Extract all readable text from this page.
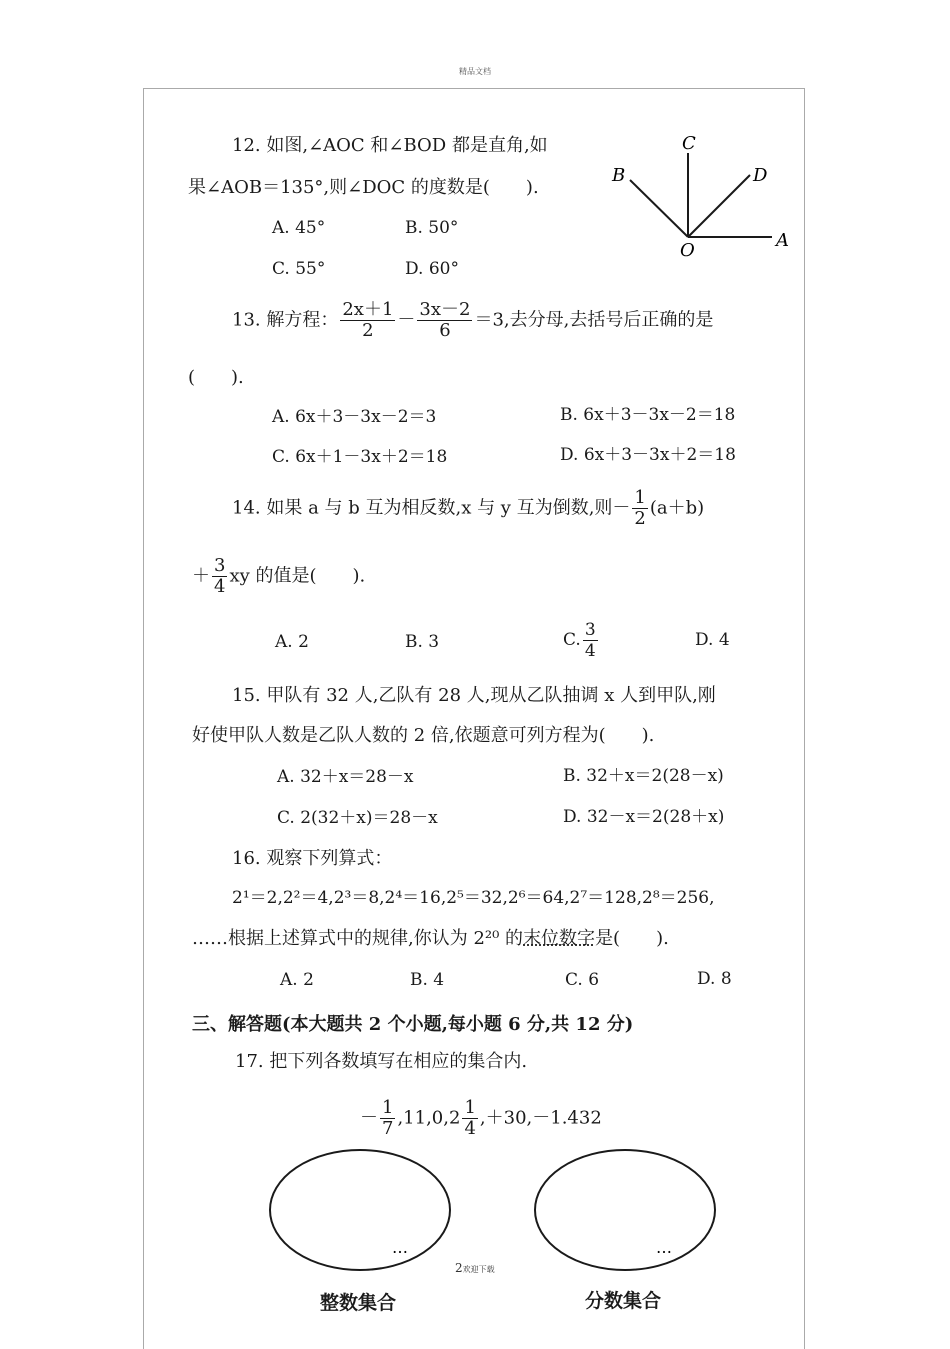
精品文档
12. 如图,∠AOC 和∠BOD 都是直角,如
果∠AOB＝135°,则∠DOC 的度数是(　　).
A. 45°	B. 50°
C. 55°	D. 60°
C
B	D
O	A
13. 解方程： $\frac{2x+1}{2} - \frac{3x-2}{6} =3$,去分母,去括号后正确的是
(　　).
A. 6x＋3－3x－2＝3	B. 6x＋3－3x－2＝18
C. 6x＋1－3x＋2＝18	D. 6x＋3－3x＋2＝18
14. 如果 a 与 b 互为相反数,x 与 y 互为倒数,则－ $\frac{1}{2} (a+b)$
＋ $\frac{3}{4}$ xy 的值是(　　).
A. 2	B. 3	C. $\frac{3}{4}$	D. 4
15. 甲队有 32 人,乙队有 28 人,现从乙队抽调 x 人到甲队,刚
好使甲队人数是乙队人数的 2 倍,依题意可列方程为(　　).
A. 32＋x＝28－x	B. 32＋x＝2(28－x)
C. 2(32＋x)＝28－x	D. 32－x＝2(28＋x)
16. 观察下列算式：
2¹＝2,2²＝4,2³＝8,2⁴＝16,2⁵＝32,2⁶＝64,2⁷＝128,2⁸＝256,
……根据上述算式中的规律,你认为 2²⁰ 的末位数字是(　　).
A. 2	B. 4	C. 6	D. 8
三、解答题(本大题共 2 个小题,每小题 6 分,共 12 分)
17. 把下列各数填写在相应的集合内.
－ $\frac{1}{7} ,11,0,2 \frac{1}{4} ,+30,-1.432$
…	…
整数集合	分数集合
2欢迎下载
